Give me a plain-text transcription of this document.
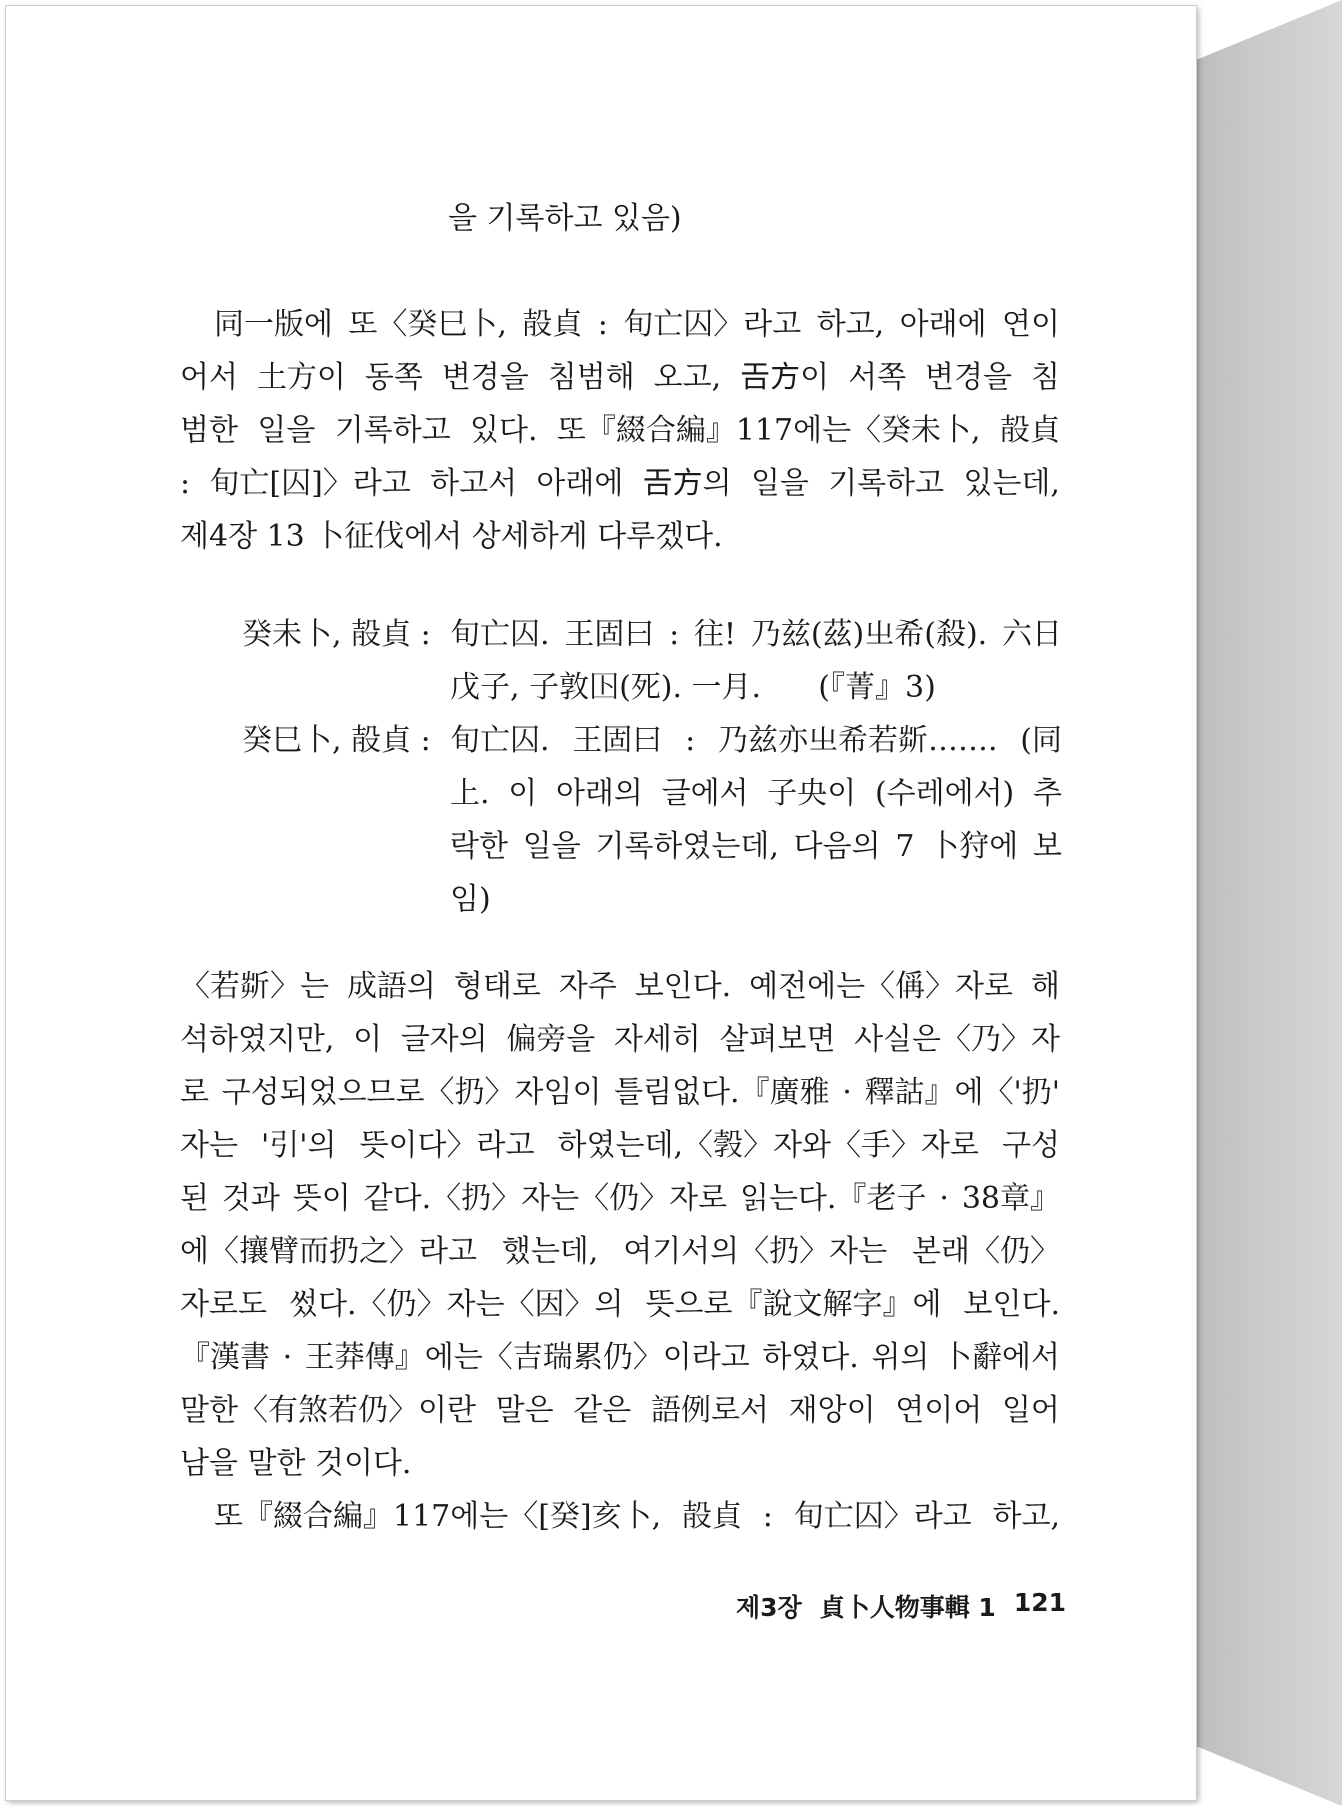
을 기록하고 있음)
同一版에 또〈癸巳卜, 㱿貞 : 旬亡囚〉라고 하고, 아래에 연이
어서 土方이 동쪽 변경을 침범해 오고, 𢀛方이 서쪽 변경을 침
범한 일을 기록하고 있다. 또『綴合編』117에는〈癸未卜, 㱿貞
: 旬亡[囚]〉라고 하고서 아래에 𢀛方의 일을 기록하고 있는데,
제4장 13 卜征伐에서 상세하게 다루겠다.
癸未卜, 㱿貞 : 旬亡囚. 王固曰 : 往! 乃兹(茲)㞢希(殺). 六日
戊子, 子敦𡆥(死). 一月.      (『菁』3)
癸巳卜, 㱿貞 : 旬亡囚. 王固曰 : 乃兹亦㞢希若㪿……. (同
上. 이 아래의 글에서 子央이 (수레에서) 추
락한 일을 기록하였는데, 다음의 7 卜狩에 보
임)
〈若㪿〉는 成語의 형태로 자주 보인다. 예전에는〈偁〉자로 해
석하였지만, 이 글자의 偏旁을 자세히 살펴보면 사실은〈乃〉자
로 구성되었으므로〈扔〉자임이 틀림없다.『廣雅 · 釋詁』에〈'扔'
자는 '引'의 뜻이다〉라고 하였는데,〈㝅〉자와〈手〉자로 구성
된 것과 뜻이 같다.〈扔〉자는〈仍〉자로 읽는다.『老子 · 38章』
에〈攘臂而扔之〉라고 했는데, 여기서의〈扔〉자는 본래〈仍〉
자로도 썼다.〈仍〉자는〈因〉의 뜻으로『說文解字』에 보인다.
『漢書 · 王莽傳』에는〈吉瑞累仍〉이라고 하였다. 위의 卜辭에서
말한〈有煞若仍〉이란 말은 같은 語例로서 재앙이 연이어 일어
남을 말한 것이다.
또『綴合編』117에는〈[癸]亥卜, 㱿貞 : 旬亡囚〉라고 하고,
제3장 貞卜人物事輯 1 121
